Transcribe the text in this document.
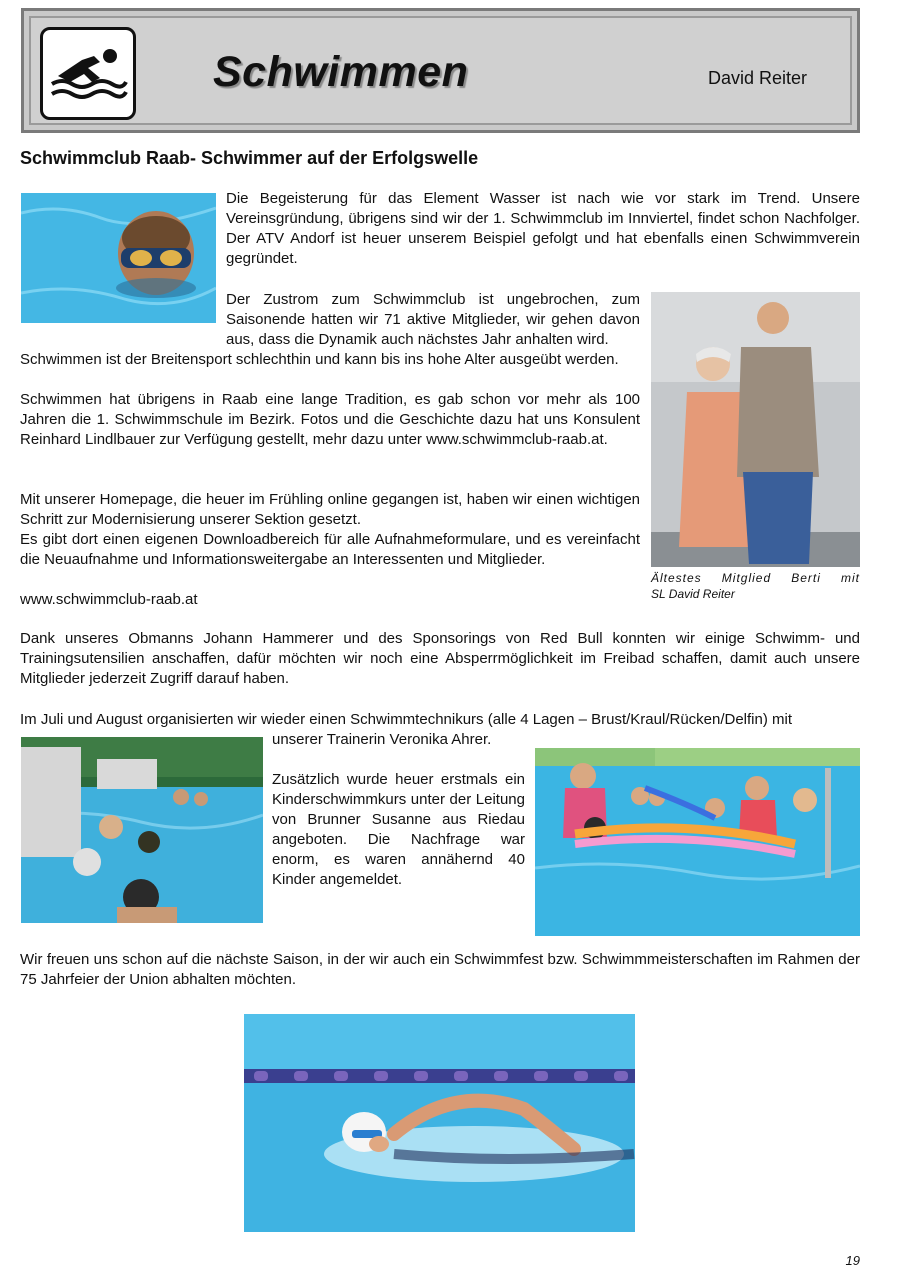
Schwimmen	David Reiter
Schwimmclub Raab- Schwimmer auf der Erfolgswelle
Die Begeisterung für das Element Wasser ist nach wie vor stark im Trend. Unsere Vereinsgründung, übrigens sind wir der 1. Schwimmclub im Innviertel, findet schon Nachfolger. Der ATV Andorf ist heuer unserem Beispiel gefolgt und hat ebenfalls einen Schwimmverein gegründet.
Der Zustrom zum Schwimmclub ist ungebrochen, zum Saisonende hatten wir 71 aktive Mitglieder, wir gehen davon aus, dass die Dynamik auch nächstes Jahr anhalten wird.
Schwimmen ist der Breitensport schlechthin und kann bis ins hohe Alter ausgeübt werden.
Schwimmen hat übrigens in Raab eine lange Tradition, es gab schon vor mehr als 100 Jahren die 1. Schwimmschule im Bezirk. Fotos und die Geschichte dazu hat uns Konsulent Reinhard Lindlbauer zur Verfügung gestellt, mehr dazu unter www.schwimmclub-raab.at.
Mit unserer Homepage, die heuer im Frühling online gegangen ist, haben wir einen wichtigen Schritt zur Modernisierung unserer Sektion gesetzt.
Es gibt dort einen eigenen Downloadbereich für alle Aufnahmeformulare, und es vereinfacht die Neuaufnahme und Informationsweitergabe an Interessenten und Mitglieder.
Ältestes Mitglied Berti mit
SL David Reiter
www.schwimmclub-raab.at
Dank unseres Obmanns Johann Hammerer und des Sponsorings von Red Bull konnten wir einige Schwimm- und Trainingsutensilien anschaffen, dafür möchten wir noch eine Absperrmöglichkeit im Freibad schaffen, damit auch unsere Mitglieder jederzeit Zugriff darauf haben.
Im Juli und August organisierten wir wieder einen Schwimmtechnikurs (alle 4 Lagen – Brust/Kraul/Rücken/Delfin) mit
unserer Trainerin Veronika Ahrer.
Zusätzlich wurde heuer erstmals ein Kinderschwimmkurs unter der Leitung von Brunner Susanne aus Riedau angeboten. Die Nachfrage war enorm, es waren annähernd 40 Kinder angemeldet.
Wir freuen uns schon auf die nächste Saison, in der wir auch ein Schwimmfest bzw. Schwimmmeisterschaften im Rahmen der 75 Jahrfeier der Union abhalten möchten.
19
